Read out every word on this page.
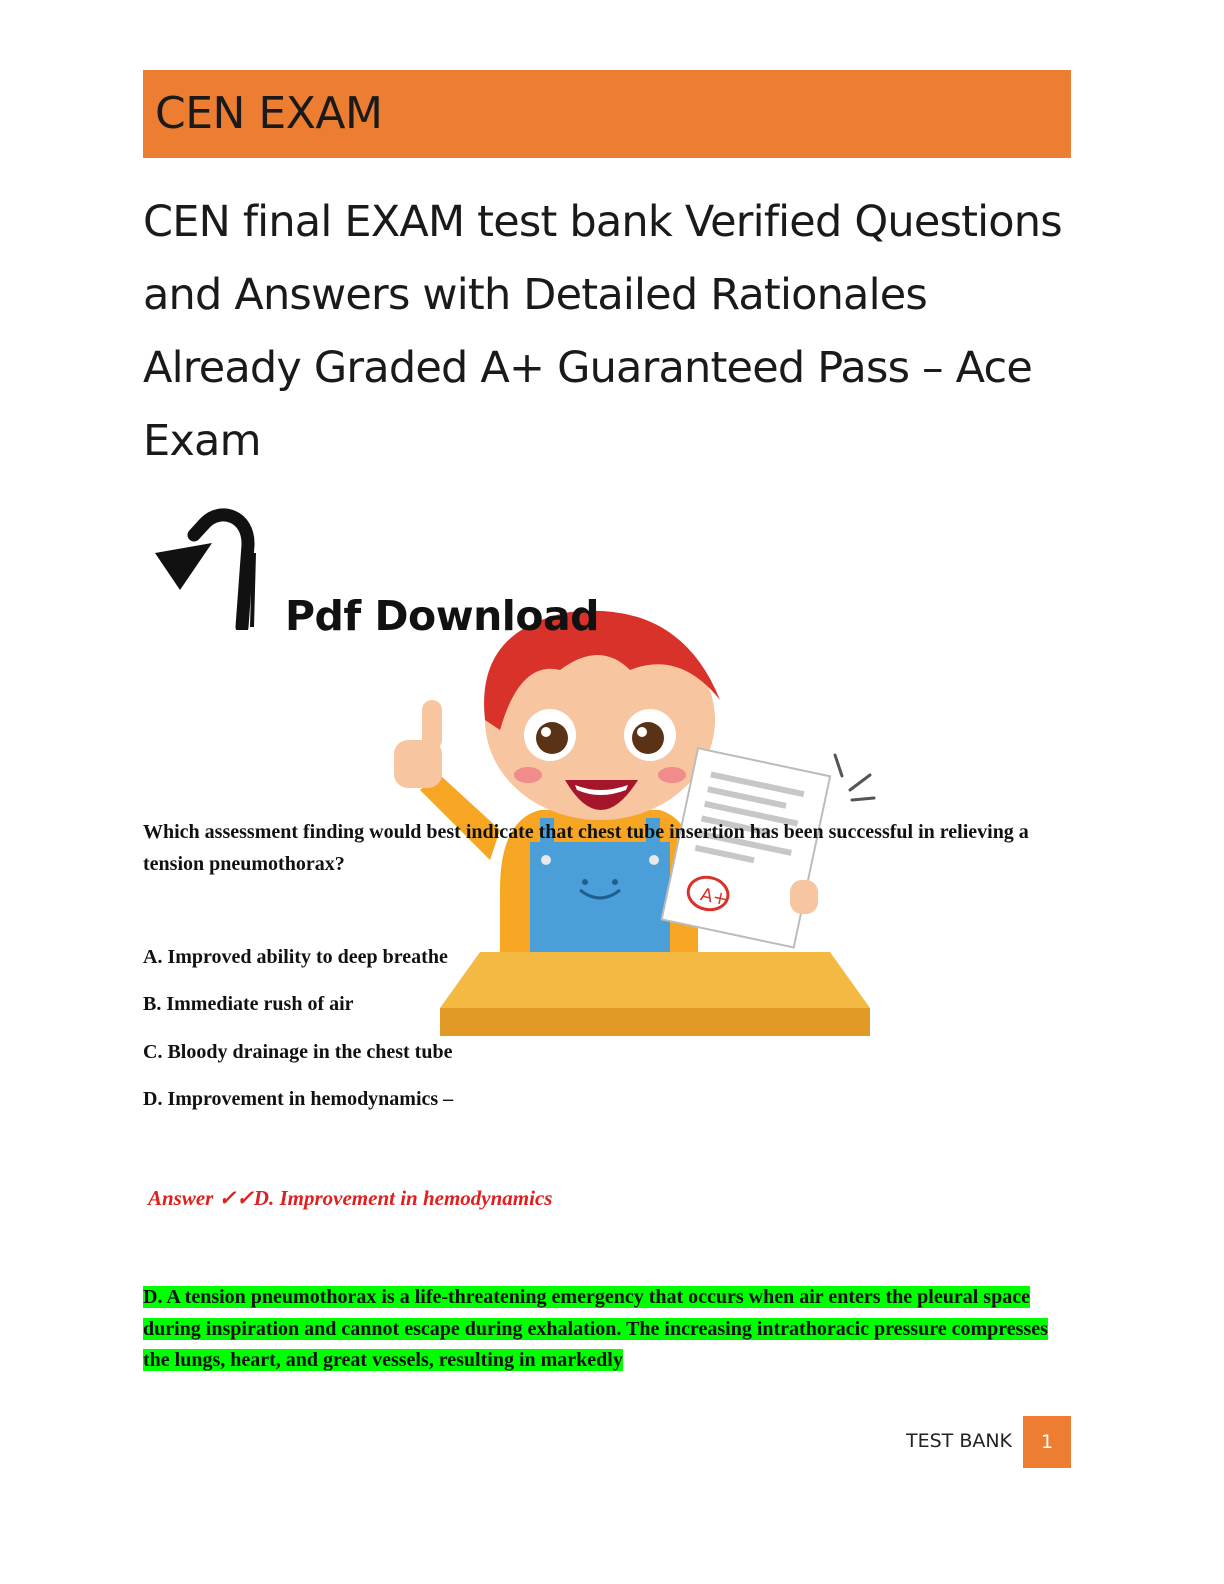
CEN EXAM
CEN final EXAM test bank Verified Questions and Answers with Detailed Rationales Already Graded A+ Guaranteed Pass – Ace Exam
Pdf Download
A+
Which assessment finding would best indicate that chest tube insertion has been successful in relieving a tension pneumothorax?
A. Improved ability to deep breathe
B. Immediate rush of air
C. Bloody drainage in the chest tube
D. Improvement in hemodynamics –
Answer ✓✓D. Improvement in hemodynamics
D. A tension pneumothorax is a life-threatening emergency that occurs when air enters the pleural space during inspiration and cannot escape during exhalation. The increasing intrathoracic pressure compresses the lungs, heart, and great vessels, resulting in markedly
TEST BANK	1
